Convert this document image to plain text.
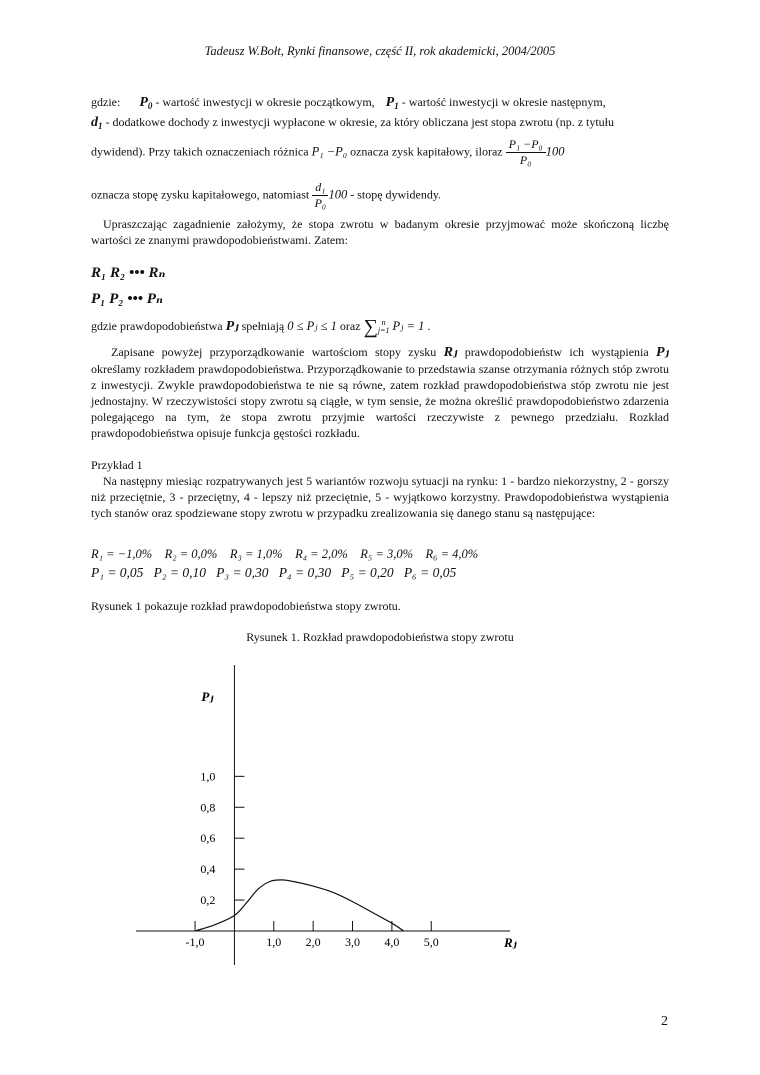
Tadeusz W.Bołt, Rynki finansowe, część II, rok akademicki, 2004/2005
gdzie: $P_0$ - wartość inwestycji w okresie początkowym, $P_1$ - wartość inwestycji w okresie następnym,
$d_1$ - dodatkowe dochody z inwestycji wypłacone w okresie, za który obliczana jest stopa zwrotu (np. z tytułu
dywidend). Przy takich oznaczeniach różnica P₁ −P₀ oznacza zysk kapitałowy, iloraz $\frac{\text{P₁ −P₀}}{\text{P₀}} 100$
oznacza stopę zysku kapitałowego, natomiast $\frac{\text{d₁}}{\text{P₀}} 100$ - stopę dywidendy.
Upraszczając zagadnienie założymy, że stopa zwrotu w badanym okresie przyjmować może skończoną liczbę wartości ze znanymi prawdopodobieństwami. Zatem:
R₁ R₂ ••• Rₙ
P₁ P₂ ••• Pₙ
gdzie prawdopodobieństwa Pⱼ spełniają 0 ≤ Pⱼ ≤ 1 oraz ∑ n
j=1 Pⱼ = 1 .
Zapisane powyżej przyporządkowanie wartościom stopy zysku Rⱼ prawdopodobieństw ich wystąpienia Pⱼ określamy rozkładem prawdopodobieństwa. Przyporządkowanie to przedstawia szanse otrzymania różnych stóp zwrotu z inwestycji. Zwykle prawdopodobieństwa te nie są równe, zatem rozkład prawdopodobieństwa stóp zwrotu nie jest jednostajny. W rzeczywistości stopy zwrotu są ciągłe, w tym sensie, że można określić prawdopodobieństwo zdarzenia polegającego na tym, że stopa zwrotu przyjmie wartości rzeczywiste z pewnego przedziału. Rozkład prawdopodobieństwa opisuje funkcja gęstości rozkładu.
Przykład 1
Na następny miesiąc rozpatrywanych jest 5 wariantów rozwoju sytuacji na rynku: 1 - bardzo niekorzystny, 2 - gorszy niż przeciętnie, 3 - przeciętny, 4 - lepszy niż przeciętnie, 5 - wyjątkowo korzystny. Prawdopodobieństwa wystąpienia tych stanów oraz spodziewane stopy zwrotu w przypadku zrealizowania się danego stanu są następujące:
R₁ = −1,0% R₂ = 0,0% R₃ = 1,0% R₄ = 2,0% R₅ = 3,0% R₆ = 4,0%
P₁ = 0,05 P₂ = 0,10 P₃ = 0,30 P₄ = 0,30 P₅ = 0,20 P₆ = 0,05
Rysunek 1 pokazuje rozkład prawdopodobieństwa stopy zwrotu.
Rysunek 1. Rozkład prawdopodobieństwa stopy zwrotu
0,2
0,4
0,6
0,8
1,0
-1,0	1,0 2,0 3,0 4,0 5,0
Pⱼ
Rⱼ
2
